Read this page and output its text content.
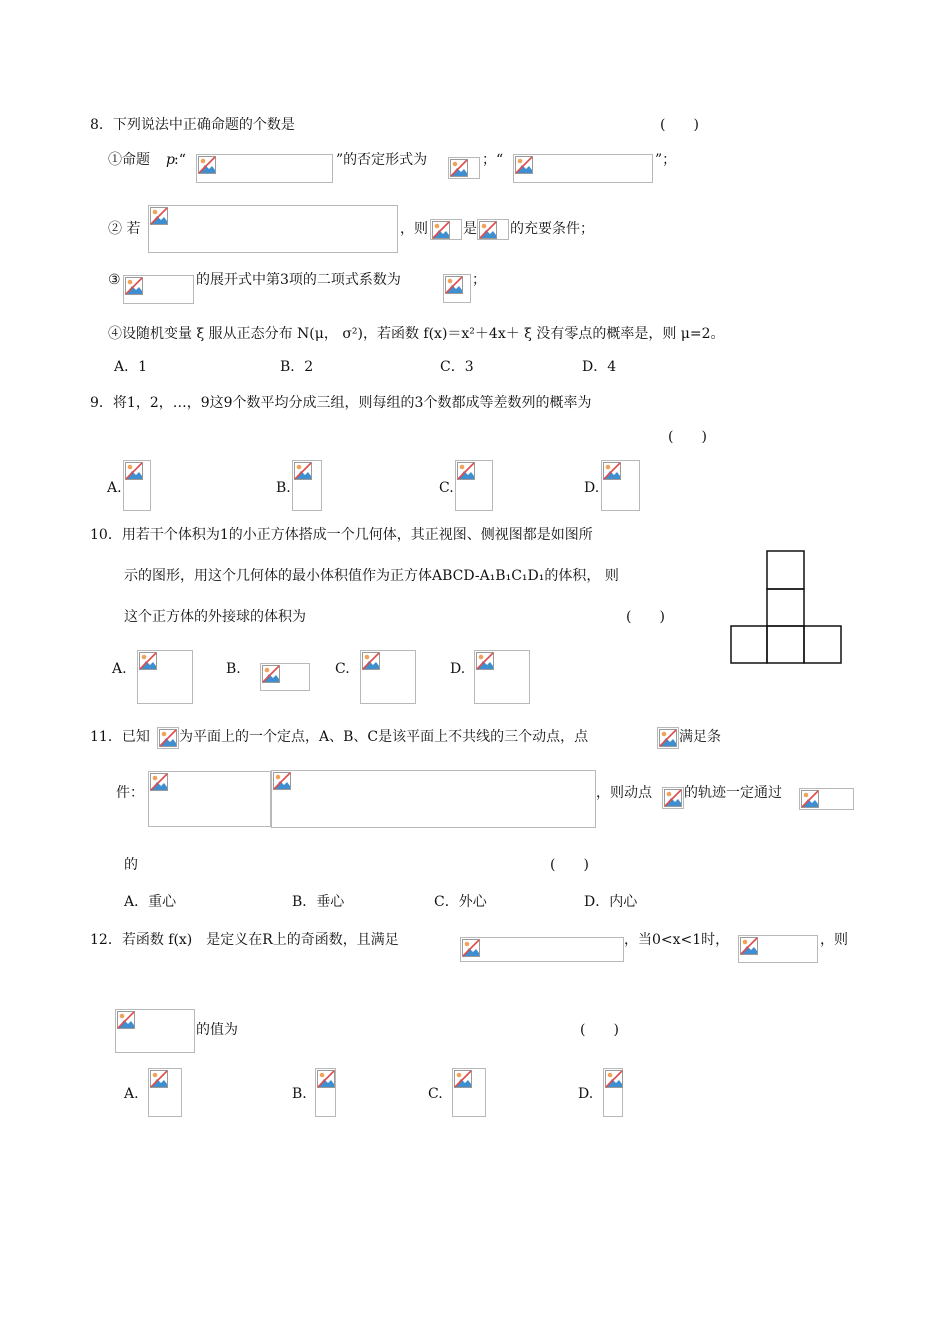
8．下列说法中正确命题的个数是	(　　)
①命题 p :“	”的否定形式为	；“	”；
② 若	，则	是 的充要条件；
③	的展开式中第3项的二项式系数为	；
④设随机变量 ξ 服从正态分布 N(μ， σ²)，若函数 f(x)＝x²＋4x＋ ξ 没有零点的概率是，则 μ=2。
A．1	B．2	C．3	D．4
9．将1，2，…，9这9个数平均分成三组，则每组的3个数都成等差数列的概率为
(　　)
A.	B.	C.	D.
10．用若干个体积为1的小正方体搭成一个几何体，其正视图、侧视图都是如图所
示的图形，用这个几何体的最小体积值作为正方体ABCD-A₁B₁C₁D₁的体积， 则
这个正方体的外接球的体积为	(　　)
A.	B.	C.	D.
11．已知 为平面上的一个定点，A、B、C是该平面上不共线的三个动点，点	满足条
件：	，则动点 的轨迹一定通过
的	(　　)
A．重心	B．垂心	C．外心	D．内心
12．若函数 f(x)　是定义在R上的奇函数，且满足	，当0<x<1时，	，则
的值为	(　　)
A.	B.	C.	D.
